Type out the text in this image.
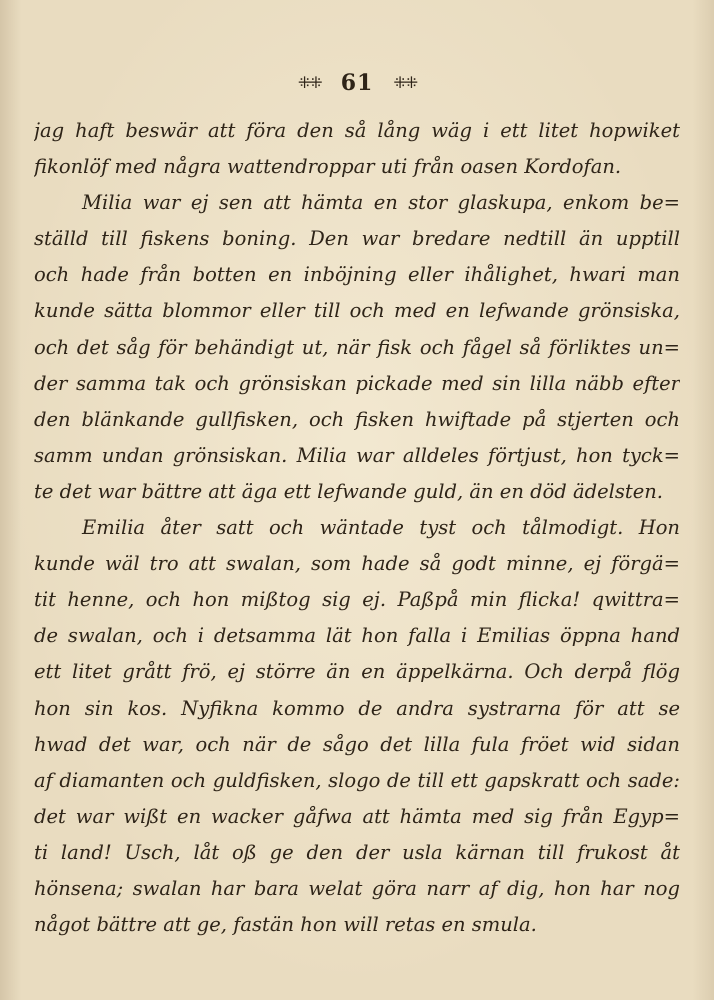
⁜⁜ 61 ⁜⁜
jag haft beswär att föra den så lång wäg i ett litet hopwiket
fikonlöf med några wattendroppar uti från oasen Kordofan.
Milia war ej sen att hämta en stor glaskupa, enkom be=
ställd till fiskens boning. Den war bredare nedtill än upptill
och hade från botten en inböjning eller ihålighet, hwari man
kunde sätta blommor eller till och med en lefwande grönsiska,
och det såg för behändigt ut, när fisk och fågel så förliktes un=
der samma tak och grönsiskan pickade med sin lilla näbb efter
den blänkande gullfisken, och fisken hwiftade på stjerten och
samm undan grönsiskan. Milia war alldeles förtjust, hon tyck=
te det war bättre att äga ett lefwande guld, än en död ädelsten.
Emilia åter satt och wäntade tyst och tålmodigt. Hon
kunde wäl tro att swalan, som hade så godt minne, ej förgä=
tit henne, och hon mißtog sig ej. Paßpå min flicka! qwittra=
de swalan, och i detsamma lät hon falla i Emilias öppna hand
ett litet grått frö, ej större än en äppelkärna. Och derpå flög
hon sin kos. Nyfikna kommo de andra systrarna för att se
hwad det war, och när de sågo det lilla fula fröet wid sidan
af diamanten och guldfisken, slogo de till ett gapskratt och sade:
det war wißt en wacker gåfwa att hämta med sig från Egyp=
ti land! Usch, låt oß ge den der usla kärnan till frukost åt
hönsena; swalan har bara welat göra narr af dig, hon har nog
något bättre att ge, fastän hon will retas en smula.
